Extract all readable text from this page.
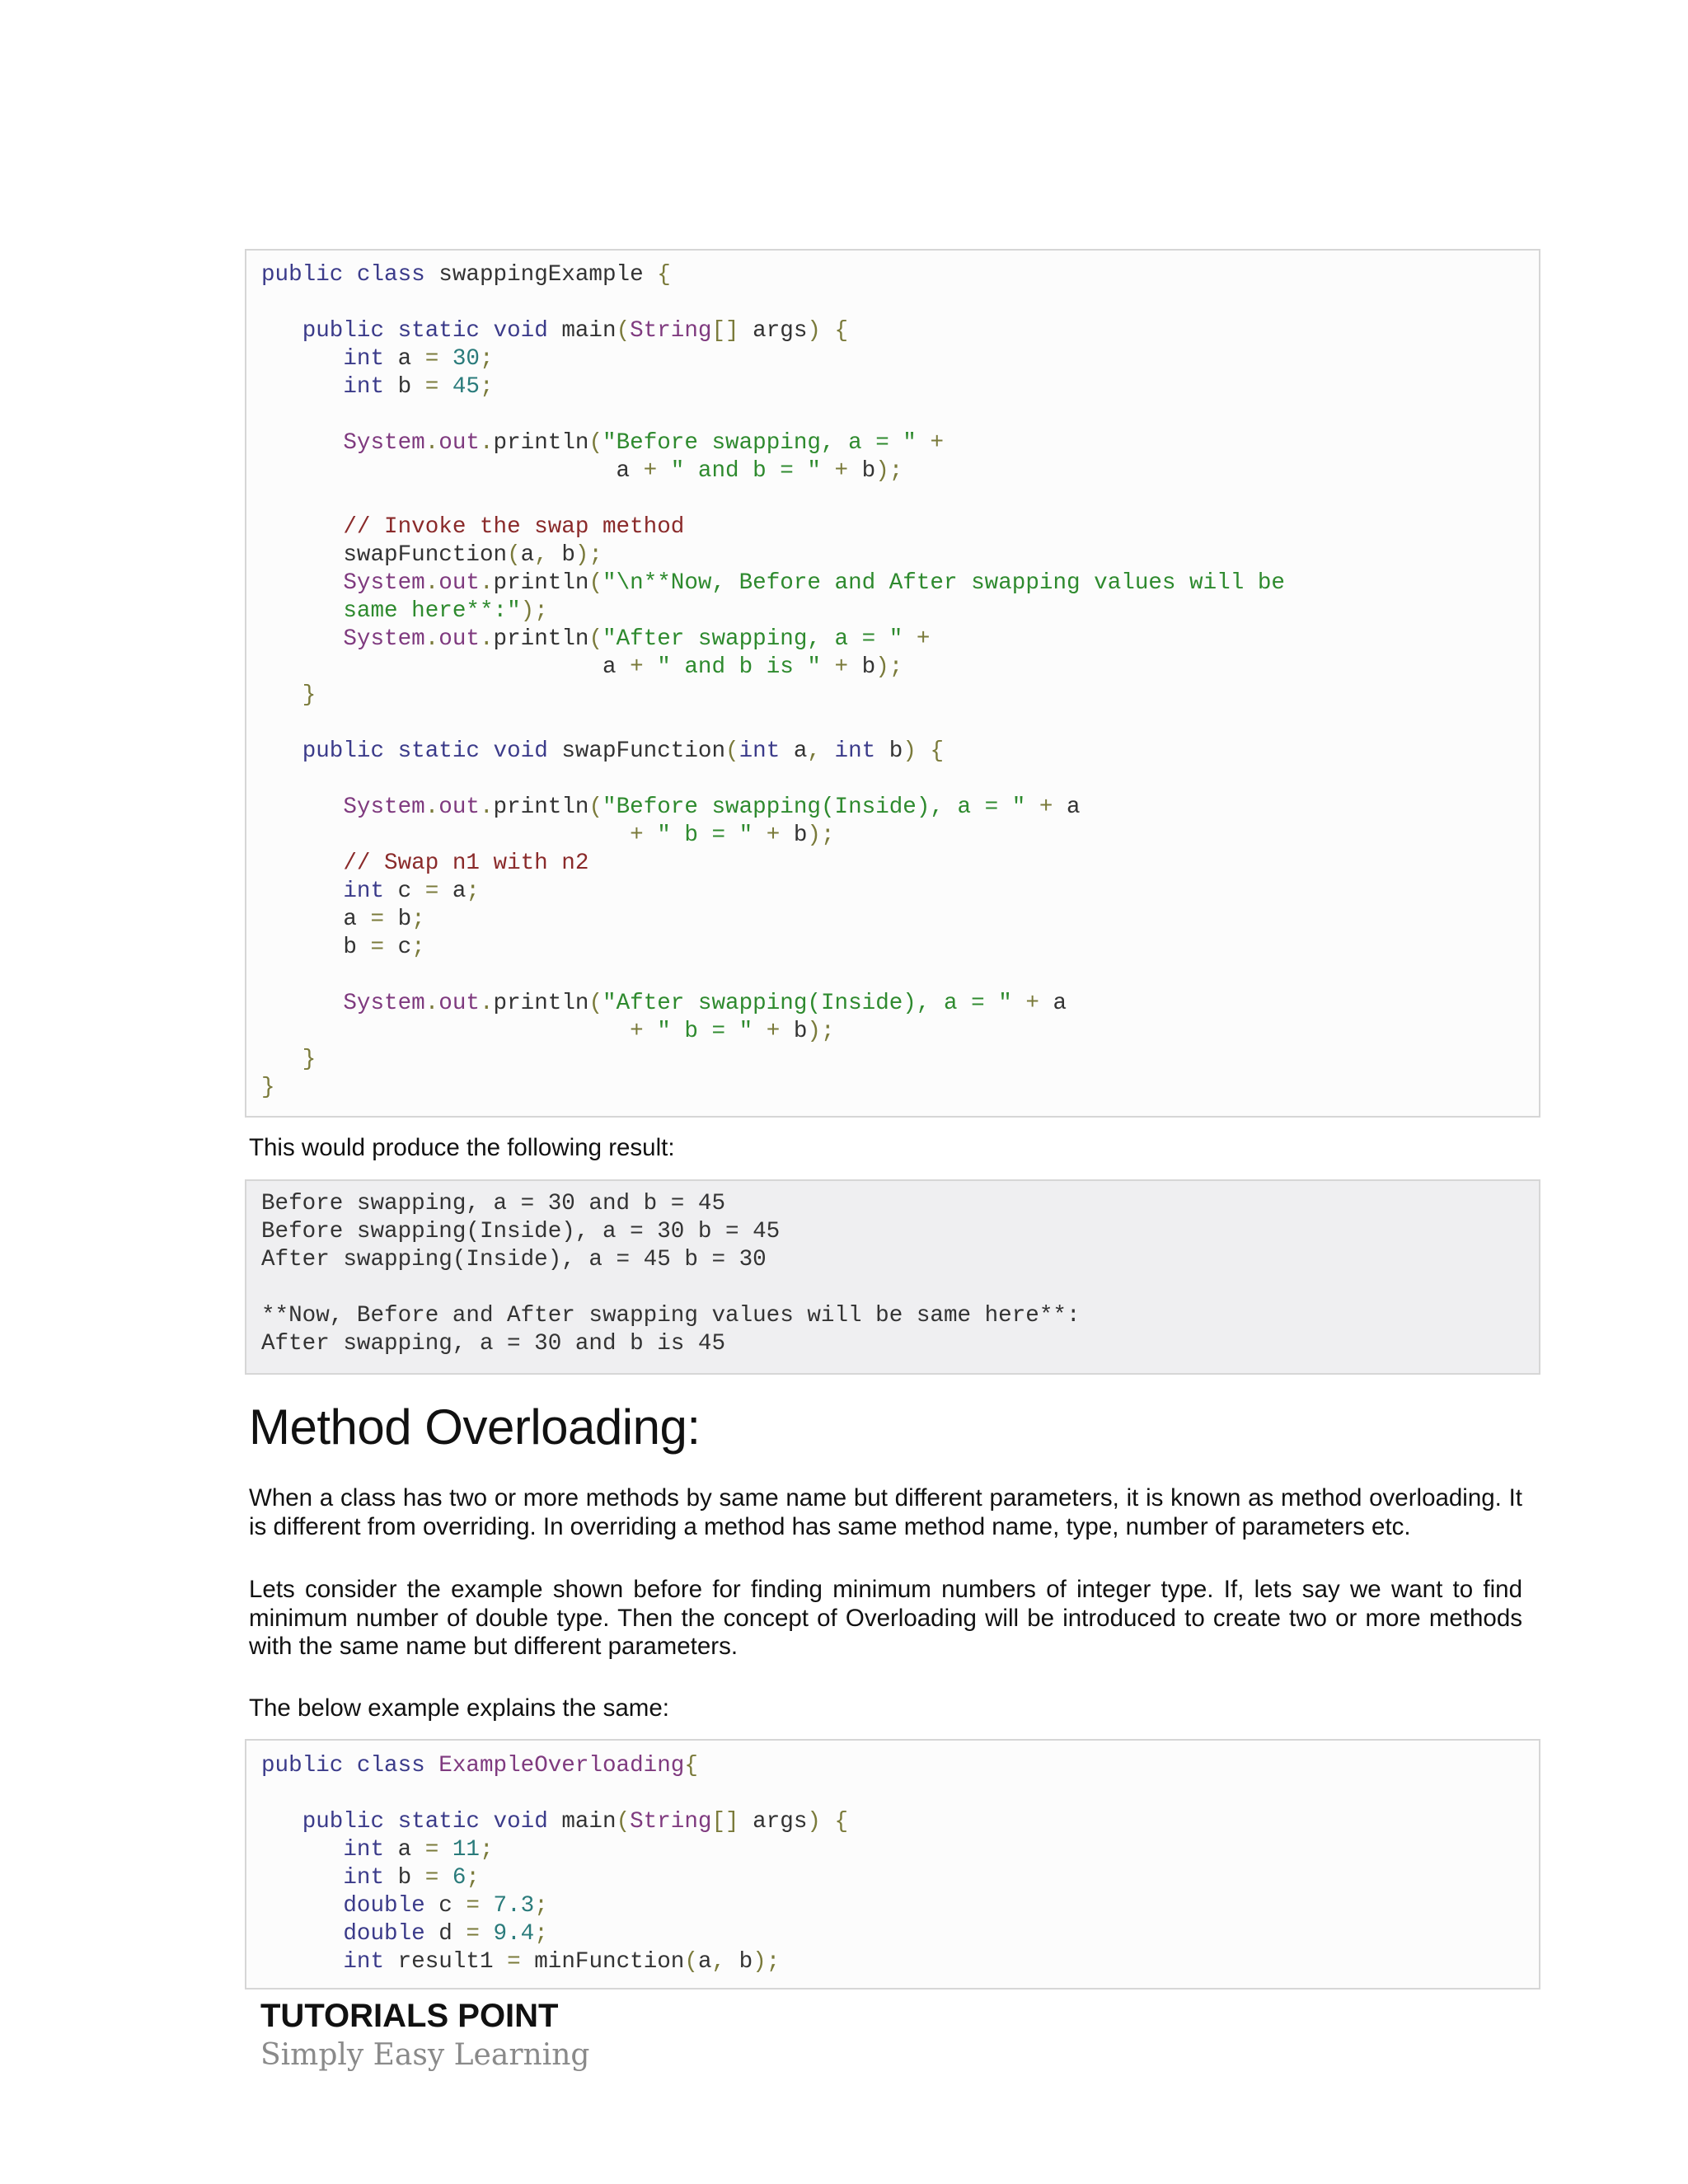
public class swappingExample {
public static void main(String[] args) {
int a = 30;
int b = 45;
System.out.println("Before swapping, a = " +
a + " and b = " + b);
// Invoke the swap method
swapFunction(a, b);
System.out.println("\n**Now, Before and After swapping values will be
same here**:");
System.out.println("After swapping, a = " +
a + " and b is " + b);
}
public static void swapFunction(int a, int b) {
System.out.println("Before swapping(Inside), a = " + a
+ " b = " + b);
// Swap n1 with n2
int c = a;
a = b;
b = c;
System.out.println("After swapping(Inside), a = " + a
+ " b = " + b);
}
}
This would produce the following result:
Before swapping, a = 30 and b = 45
Before swapping(Inside), a = 30 b = 45
After swapping(Inside), a = 45 b = 30
**Now, Before and After swapping values will be same here**:
After swapping, a = 30 and b is 45
Method Overloading:
When a class has two or more methods by same name but different parameters, it is known as method overloading. It is different from overriding. In overriding a method has same method name, type, number of parameters etc.
Lets consider the example shown before for finding minimum numbers of integer type. If, lets say we want to find minimum number of double type. Then the concept of Overloading will be introduced to create two or more methods with the same name but different parameters.
The below example explains the same:
public class ExampleOverloading{
public static void main(String[] args) {
int a = 11;
int b = 6;
double c = 7.3;
double d = 9.4;
int result1 = minFunction(a, b);
TUTORIALS POINT
Simply Easy Learning
